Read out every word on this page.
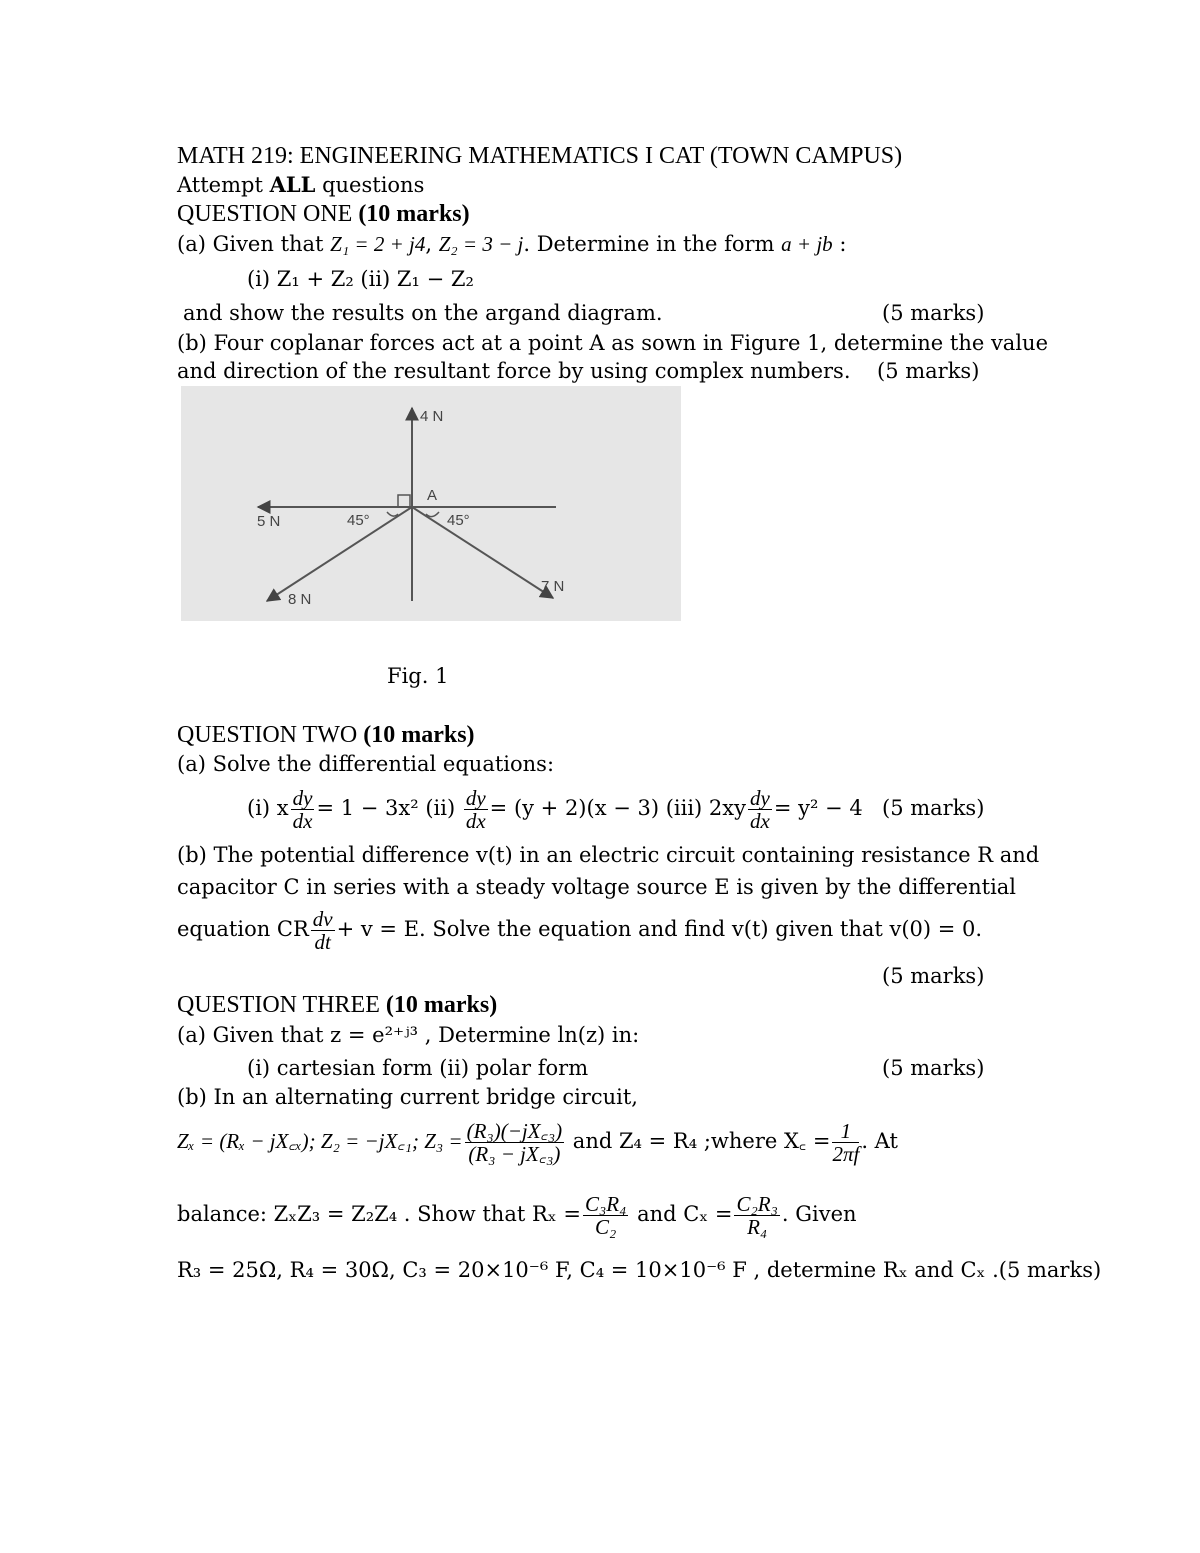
MATH 219: ENGINEERING MATHEMATICS I CAT (TOWN CAMPUS)
Attempt ALL questions
QUESTION ONE (10 marks)
(a) Given that Z₁ = 2 + j4, Z₂ = 3 − j. Determine in the form a + jb :
(i) Z₁ + Z₂ (ii) Z₁ − Z₂
and show the results on the argand diagram.	(5 marks)
(b) Four coplanar forces act at a point A as sown in Figure 1, determine the value
and direction of the resultant force by using complex numbers. (5 marks)
4 N
5 N
8 N
7 N
A
45°	45°
Fig. 1
QUESTION TWO (10 marks)
(a) Solve the differential equations:
(i) x $\frac{dy}{dx} = 1 - 3x^2$ $(ii) \frac{dy}{dx} = (y + 2)(x - 3)$ (iii) $2xy \frac{dy}{dx} = y^2 - 4$ (5 marks)
(b) The potential difference v(t) in an electric circuit containing resistance R and
capacitor C in series with a steady voltage source E is given by the differential
equation CR $\frac{dv}{dt} + v = E$. Solve the equation and find v(t) given that v(0) = 0.
(5 marks)
QUESTION THREE (10 marks)
(a) Given that z = e²⁺ʲ³ , Determine ln(z) in:
(i) cartesian form (ii) polar form	(5 marks)
(b) In an alternating current bridge circuit,
Zₓ = (Rₓ − jX꜀ₓ); Z₂ = −jX꜀₁; $Z_3 = \frac{\text{(R₃)(−jX꜀₃)}}{\text{(R₃ − jX꜀₃)}}$ and Z₄ = R₄ ;where X꜀ = $\frac{1}{2\pi f}$ . At
balance: ZₓZ₃ = Z₂Z₄ . Show that $R_x = \frac{\text{C₃R₄}}{\text{C₂}}$ and $C_x = \frac{\text{C₂R₃}}{\text{R₄}}$ . Given
R₃ = 25Ω, R₄ = 30Ω, C₃ = 20×10⁻⁶ F, C₄ = 10×10⁻⁶ F , determine Rₓ and Cₓ .(5 marks)
